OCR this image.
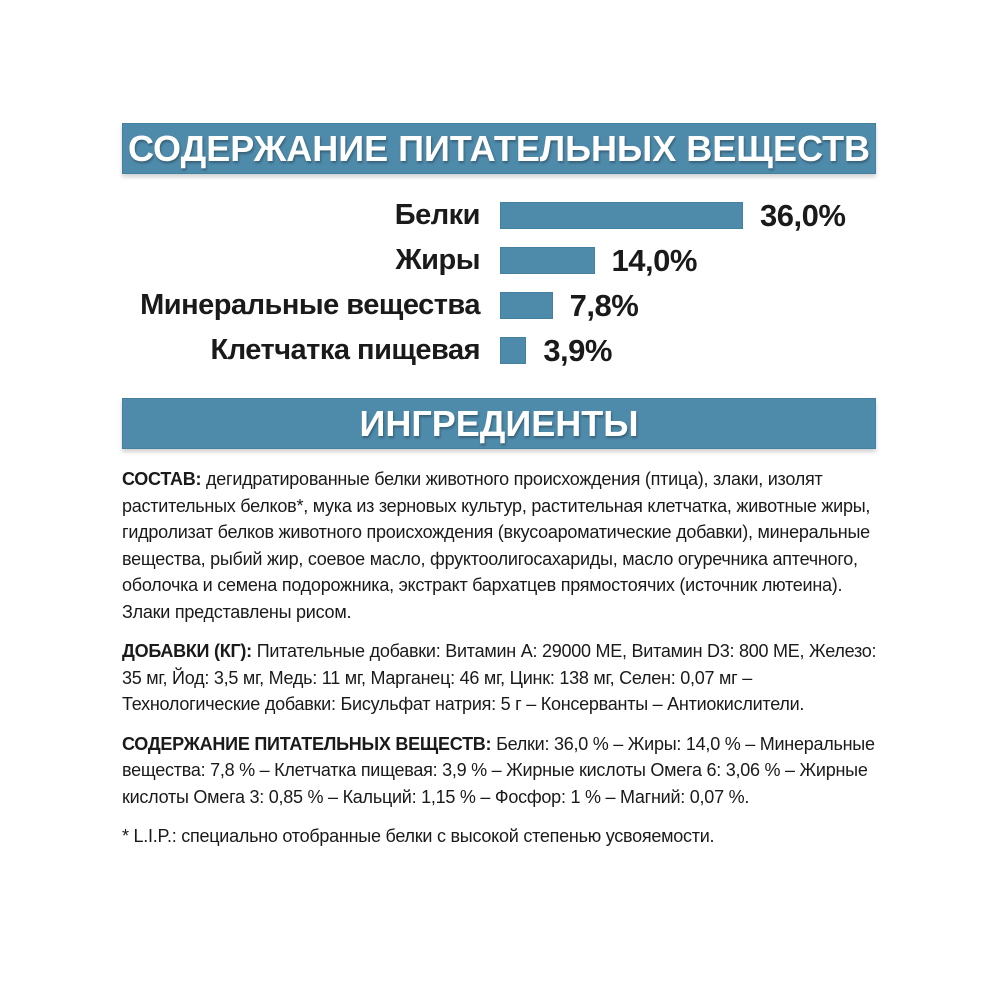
СОДЕРЖАНИЕ ПИТАТЕЛЬНЫХ ВЕЩЕСТВ
Белки	36,0%
Жиры	14,0%
Минеральные вещества	7,8%
Клетчатка пищевая 3,9%
ИНГРЕДИЕНТЫ

СОСТАВ: дегидратированные белки животного происхождения (птица), злаки, изолят растительных белков*, мука из зерновых культур, растительная клетчатка, животные жиры, гидролизат белков животного происхождения (вкусоароматические добавки), минеральные вещества, рыбий жир, соевое масло, фруктоолигосахариды, масло огуречника аптечного, оболочка и семена подорожника, экстракт бархатцев прямостоячих (источник лютеина). Злаки представлены рисом.

ДОБАВКИ (КГ): Питательные добавки: Витамин A: 29000 МЕ, Витамин D3: 800 МЕ, Железо: 35 мг, Йод: 3,5 мг, Медь: 11 мг, Марганец: 46 мг, Цинк: 138 мг, Селен: 0,07 мг – Технологические добавки: Бисульфат натрия: 5 г – Консерванты – Антиокислители.

СОДЕРЖАНИЕ ПИТАТЕЛЬНЫХ ВЕЩЕСТВ: Белки: 36,0 % – Жиры: 14,0 % – Минеральные вещества: 7,8 % – Клетчатка пищевая: 3,9 % – Жирные кислоты Омега 6: 3,06 % – Жирные кислоты Омега 3: 0,85 % – Кальций: 1,15 % – Фосфор: 1 % – Магний: 0,07 %.

* L.I.P.: специально отобранные белки с высокой степенью усвояемости.
